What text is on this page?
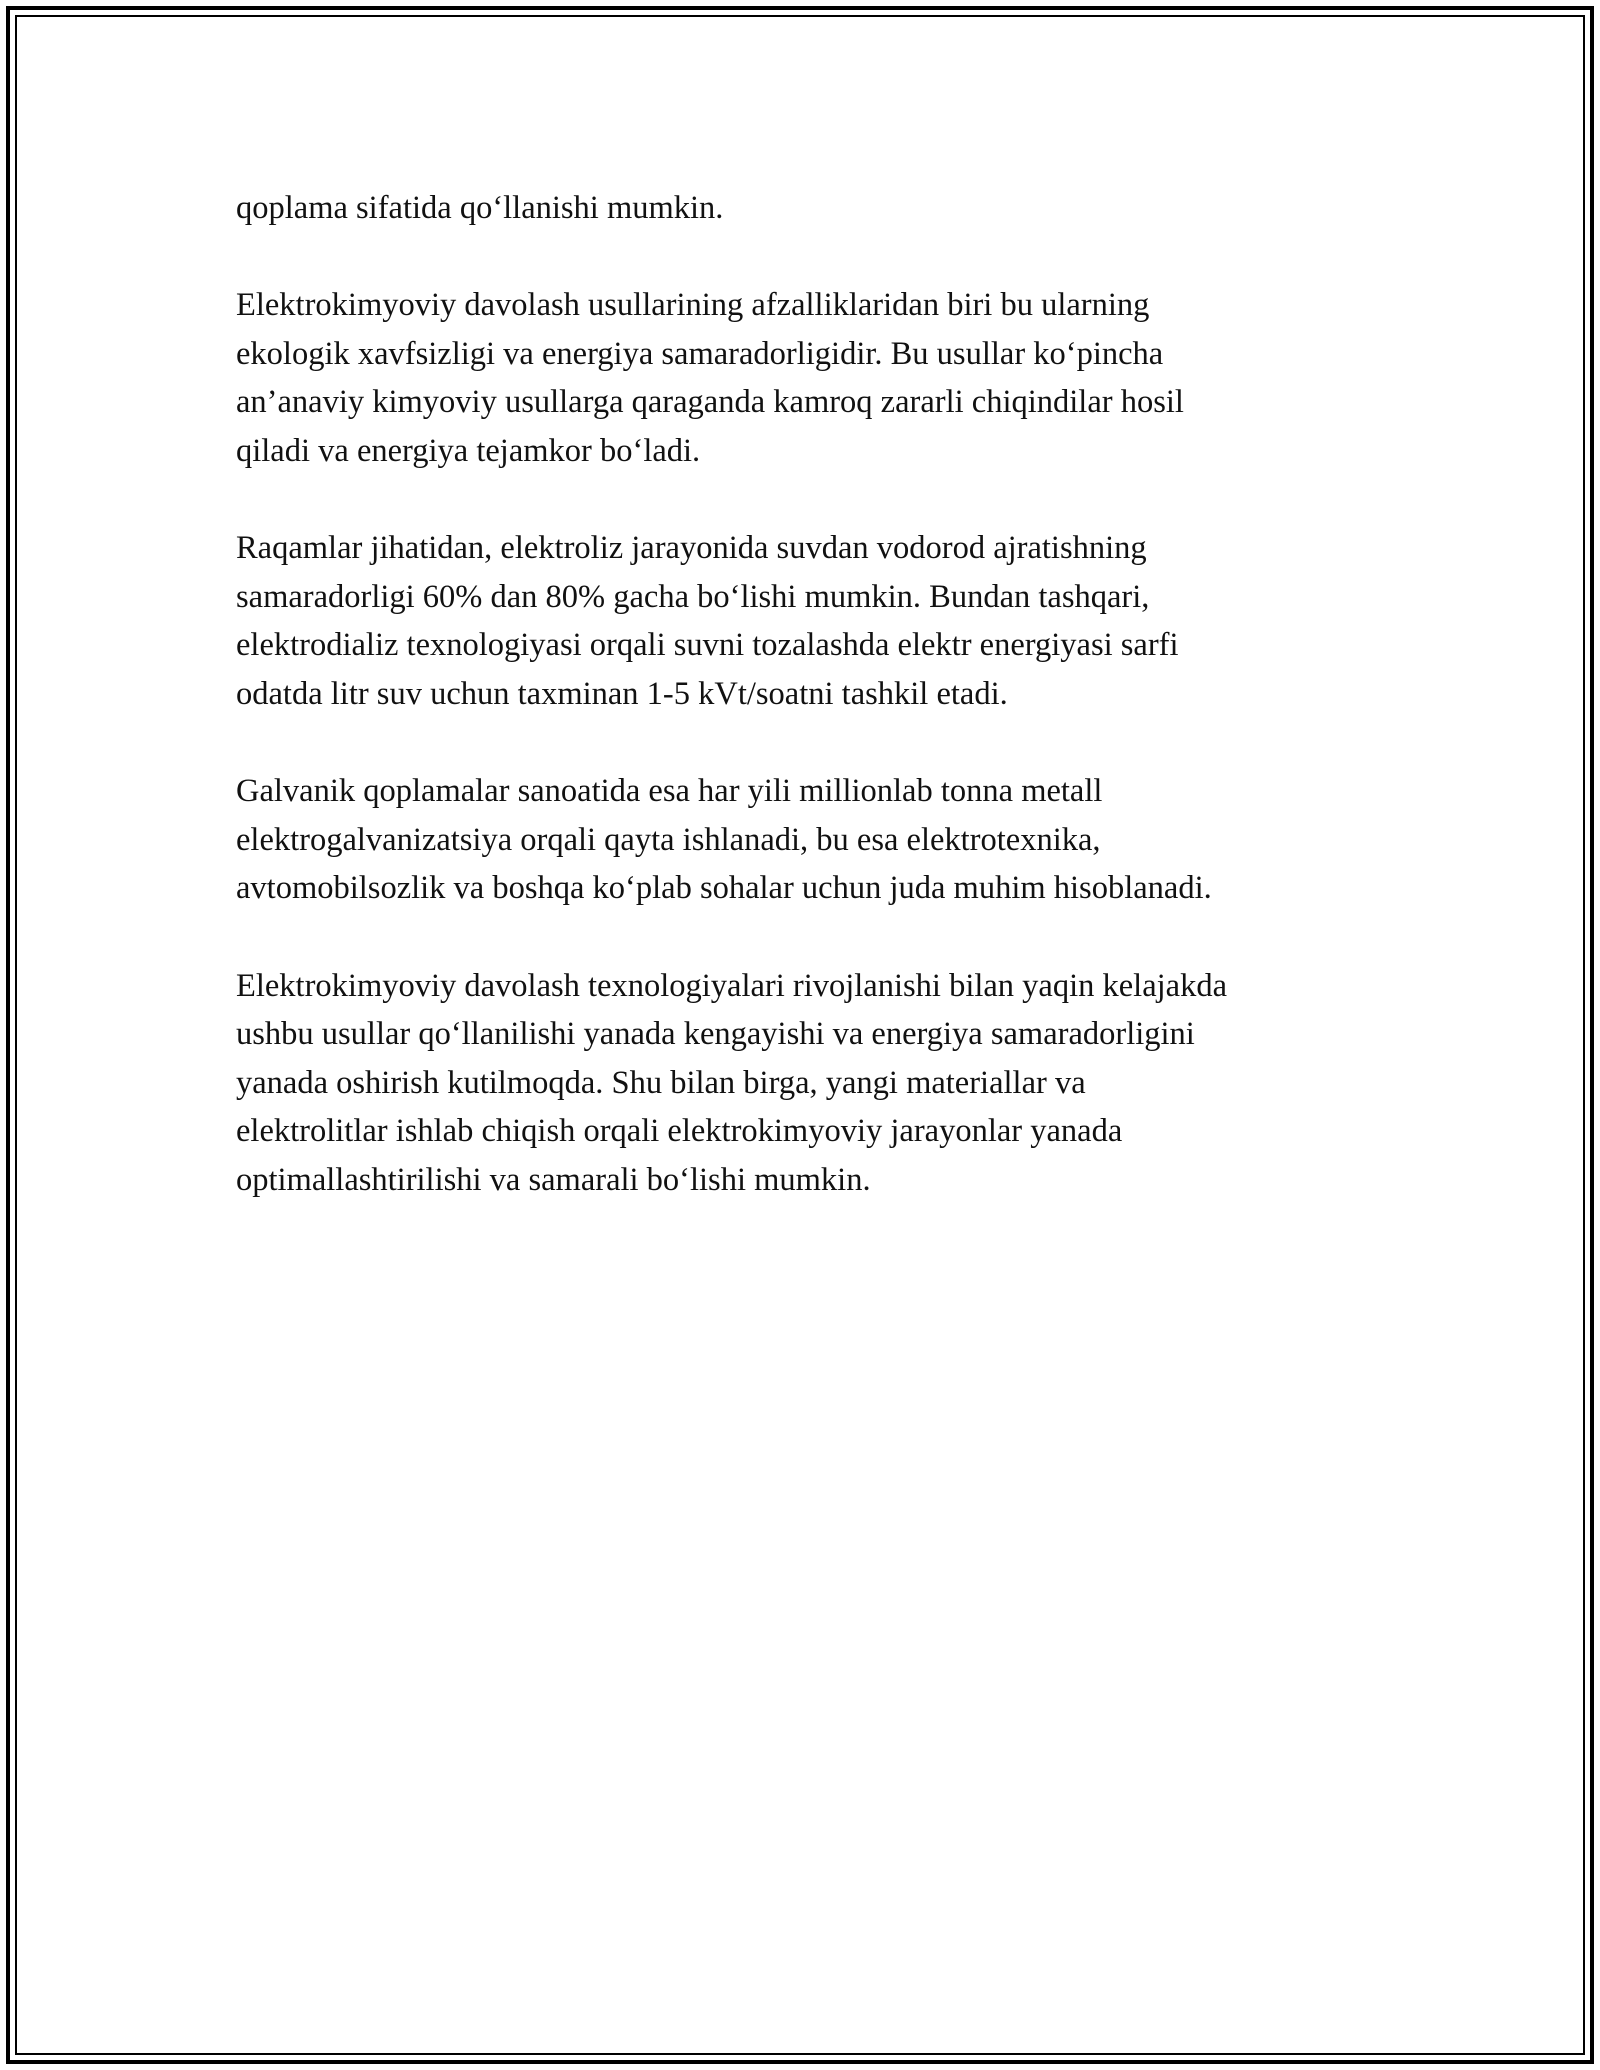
qoplama sifatida qo‘llanishi mumkin.

Elektrokimyoviy davolash usullarining afzalliklaridan biri bu ularning
ekologik xavfsizligi va energiya samaradorligidir. Bu usullar ko‘pincha
an’anaviy kimyoviy usullarga qaraganda kamroq zararli chiqindilar hosil
qiladi va energiya tejamkor bo‘ladi.

Raqamlar jihatidan, elektroliz jarayonida suvdan vodorod ajratishning
samaradorligi 60% dan 80% gacha bo‘lishi mumkin. Bundan tashqari,
elektrodializ texnologiyasi orqali suvni tozalashda elektr energiyasi sarfi
odatda litr suv uchun taxminan 1-5 kVt/soatni tashkil etadi.

Galvanik qoplamalar sanoatida esa har yili millionlab tonna metall
elektrogalvanizatsiya orqali qayta ishlanadi, bu esa elektrotexnika,
avtomobilsozlik va boshqa ko‘plab sohalar uchun juda muhim hisoblanadi.

Elektrokimyoviy davolash texnologiyalari rivojlanishi bilan yaqin kelajakda
ushbu usullar qo‘llanilishi yanada kengayishi va energiya samaradorligini
yanada oshirish kutilmoqda. Shu bilan birga, yangi materiallar va
elektrolitlar ishlab chiqish orqali elektrokimyoviy jarayonlar yanada
optimallashtirilishi va samarali bo‘lishi mumkin.
